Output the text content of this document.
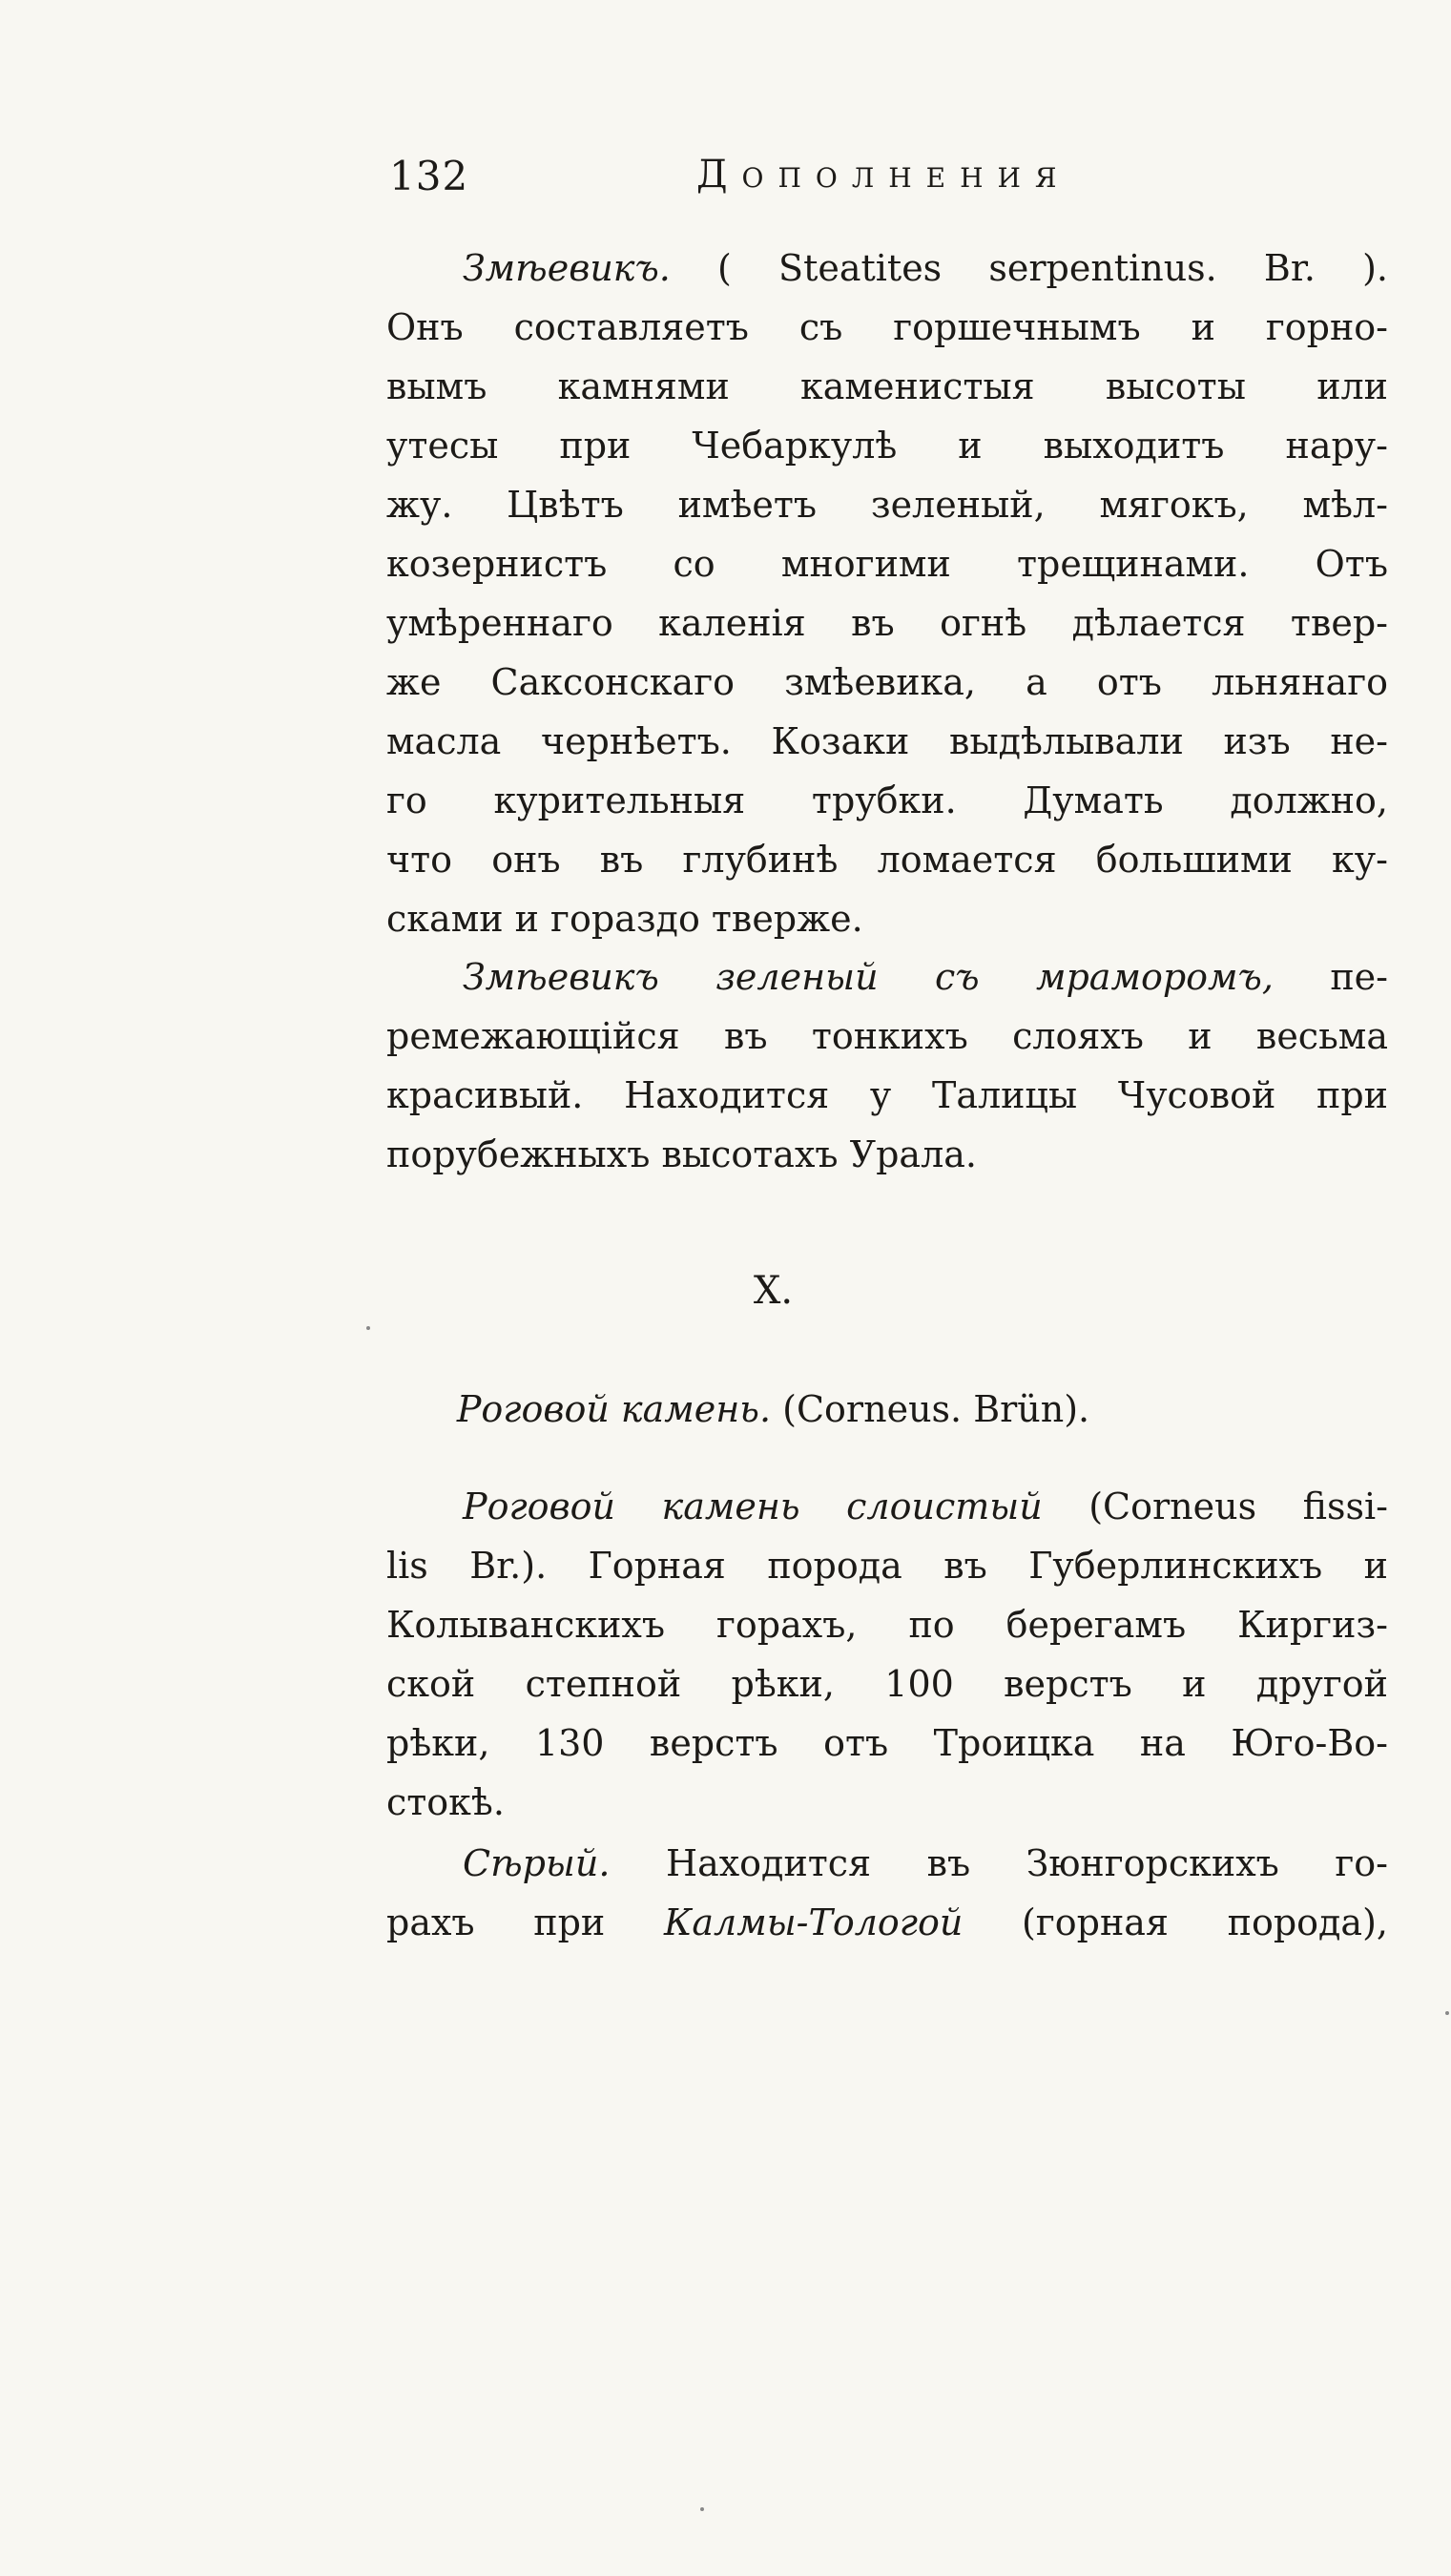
132	Дополнения
Змѣевикъ. ( Steatites serpentinus. Br. ).
Онъ составляетъ съ горшечнымъ и горно-
вымъ камнями каменистыя высоты или
утесы при Чебаркулѣ и выходитъ нару-
жу. Цвѣтъ имѣетъ зеленый, мягокъ, мѣл-
козернистъ со многими трещинами. Отъ
умѣреннаго каленія въ огнѣ дѣлается твер-
же Саксонскаго змѣевика, а отъ льнянаго
масла чернѣетъ. Козаки выдѣлывали изъ не-
го курительныя трубки. Думать должно,
что онъ въ глубинѣ ломается большими ку-
сками и гораздо тверже.
Змѣевикъ зеленый съ мраморомъ, пе-
ремежающійся въ тонкихъ слояхъ и весьма
красивый. Находится у Талицы Чусовой при
порубежныхъ высотахъ Урала.
X.
Роговой камень. (Corneus. Brün).
Роговой камень слоистый (Corneus fissi-
lis Br.). Горная порода въ Губерлинскихъ и
Колыванскихъ горахъ, по берегамъ Киргиз-
ской степной рѣки, 100 верстъ и другой
рѣки, 130 верстъ отъ Троицка на Юго-Во-
стокѣ.
Сѣрый. Находится въ Зюнгорскихъ го-
рахъ при Калмы-Тологой (горная порода),
